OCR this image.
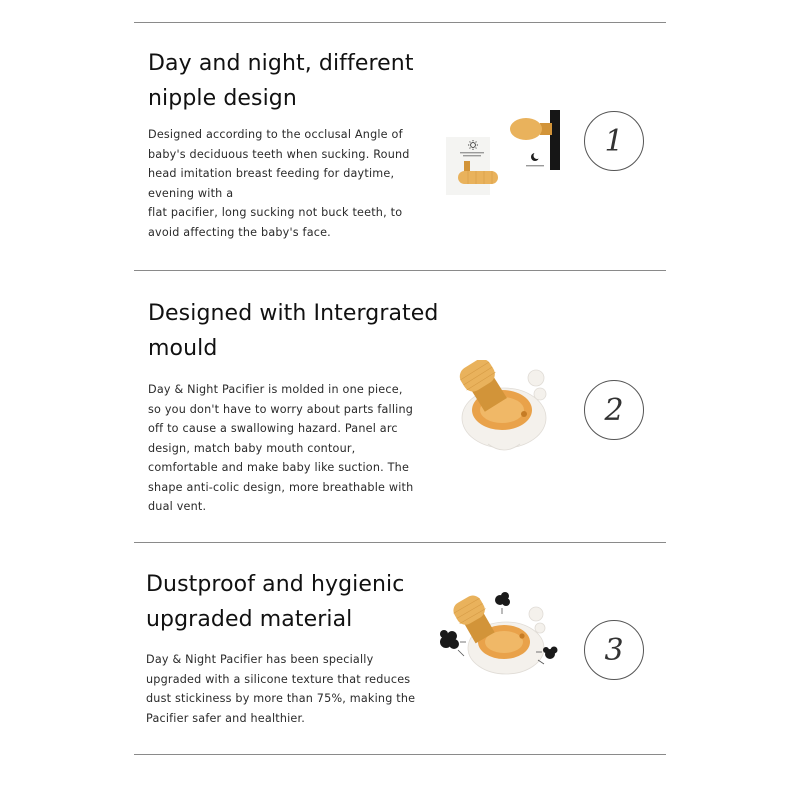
Day and night, different
nipple design

Designed according to the occlusal Angle of
baby's deciduous teeth when sucking. Round
head imitation breast feeding for daytime,
evening with a
flat pacifier, long sucking not buck teeth, to
avoid affecting the baby's face.

1
Designed with Intergrated
mould

Day & Night Pacifier is molded in one piece,
so you don't have to worry about parts falling
off to cause a swallowing hazard. Panel arc
design, match baby mouth contour,
comfortable and make baby like suction. The
shape anti-colic design, more breathable with
dual vent.

2
Dustproof and hygienic
upgraded material

Day & Night Pacifier has been specially
upgraded with a silicone texture that reduces
dust stickiness by more than 75%, making the
Pacifier safer and healthier.

3
